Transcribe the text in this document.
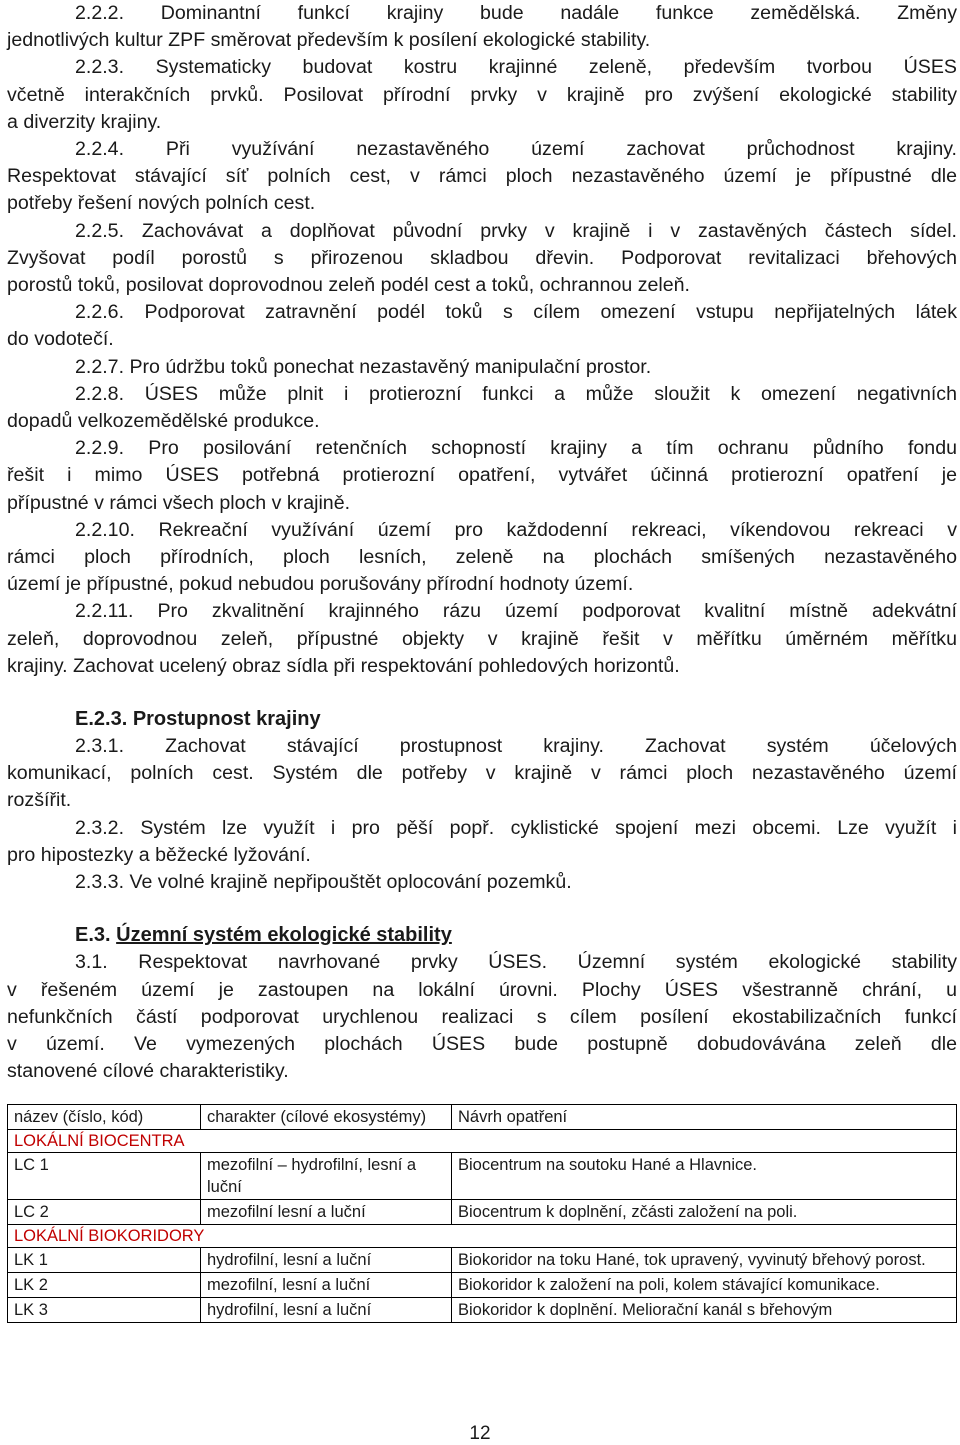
2.2.2. Dominantní funkcí krajiny bude nadále funkce zemědělská. Změny
jednotlivých kultur ZPF směrovat především k posílení ekologické stability.

2.2.3. Systematicky budovat kostru krajinné zeleně, především tvorbou ÚSES
včetně interakčních prvků. Posilovat přírodní prvky v krajině pro zvýšení ekologické stability
a diverzity krajiny.

2.2.4. Při využívání nezastavěného území zachovat průchodnost krajiny.
Respektovat stávající síť polních cest, v rámci ploch nezastavěného území je přípustné dle
potřeby řešení nových polních cest.

2.2.5. Zachovávat a doplňovat původní prvky v krajině i v zastavěných částech sídel.
Zvyšovat podíl porostů s přirozenou skladbou dřevin. Podporovat revitalizaci břehových
porostů toků, posilovat doprovodnou zeleň podél cest a toků, ochrannou zeleň.

2.2.6. Podporovat zatravnění podél toků s cílem omezení vstupu nepřijatelných látek
do vodotečí.

2.2.7. Pro údržbu toků ponechat nezastavěný manipulační prostor.

2.2.8. ÚSES může plnit i protierozní funkci a může sloužit k omezení negativních
dopadů velkozemědělské produkce.

2.2.9. Pro posilování retenčních schopností krajiny a tím ochranu půdního fondu
řešit i mimo ÚSES potřebná protierozní opatření, vytvářet účinná protierozní opatření je
přípustné v rámci všech ploch v krajině.

2.2.10. Rekreační využívání území pro každodenní rekreaci, víkendovou rekreaci v
rámci ploch přírodních, ploch lesních, zeleně na plochách smíšených nezastavěného
území je přípustné, pokud nebudou porušovány přírodní hodnoty území.

2.2.11. Pro zkvalitnění krajinného rázu území podporovat kvalitní místně adekvátní
zeleň, doprovodnou zeleň, přípustné objekty v krajině řešit v měřítku úměrném měřítku
krajiny. Zachovat ucelený obraz sídla při respektování pohledových horizontů.

E.2.3. Prostupnost krajiny

2.3.1. Zachovat stávající prostupnost krajiny. Zachovat systém účelových
komunikací, polních cest. Systém dle potřeby v krajině v rámci ploch nezastavěného území
rozšířit.

2.3.2. Systém lze využít i pro pěší popř. cyklistické spojení mezi obcemi. Lze využít i
pro hipostezky a běžecké lyžování.

2.3.3. Ve volné krajině nepřipouštět oplocování pozemků.

E.3. Územní systém ekologické stability

3.1. Respektovat navrhované prvky ÚSES. Územní systém ekologické stability
v řešeném území je zastoupen na lokální úrovni. Plochy ÚSES všestranně chrání, u
nefunkčních částí podporovat urychlenou realizaci s cílem posílení ekostabilizačních funkcí
v území. Ve vymezených plochách ÚSES bude postupně dobudovávána zeleň dle
stanovené cílové charakteristiky.

název (číslo, kód)	charakter (cílové ekosystémy)	Návrh opatření
LOKÁLNÍ BIOCENTRA		
LC 1	mezofilní – hydrofilní, lesní a luční	Biocentrum na soutoku Hané a Hlavnice.
LC 2	mezofilní lesní a luční	Biocentrum k doplnění, zčásti založení na poli.
LOKÁLNÍ BIOKORIDORY		
LK 1	hydrofilní, lesní a luční	Biokoridor na toku Hané, tok upravený, vyvinutý břehový porost.
LK 2	mezofilní, lesní a luční	Biokoridor k založení na poli, kolem stávající komunikace.
LK 3	hydrofilní, lesní a luční	Biokoridor k doplnění. Meliorační kanál s břehovým
12
